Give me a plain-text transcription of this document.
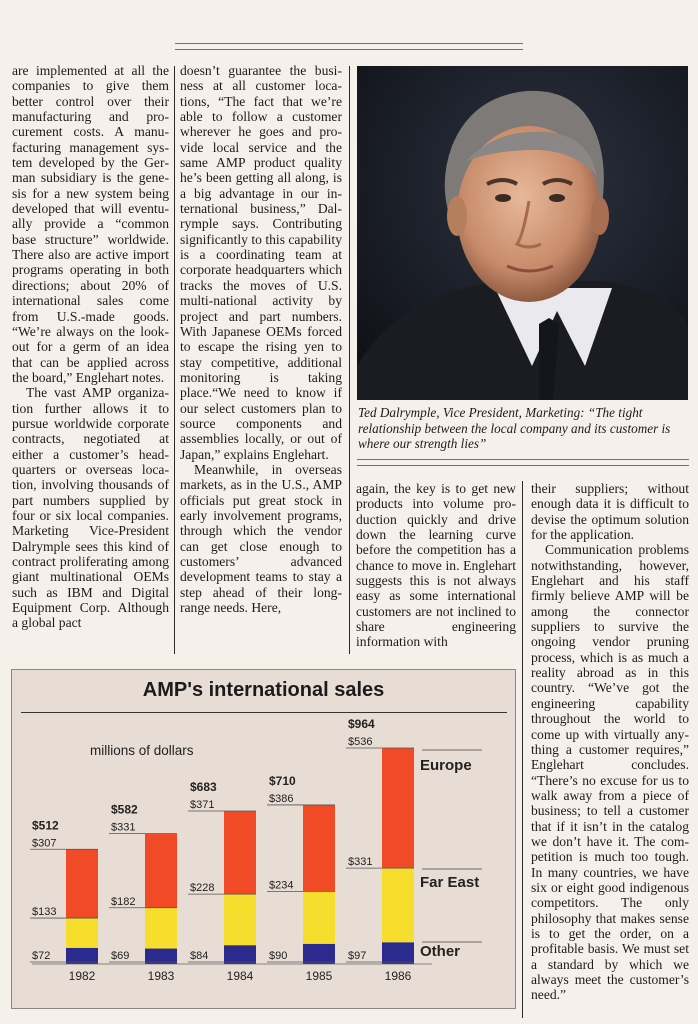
are implemented at all the companies to give them better control over their manufacturing and procurement costs. A manufacturing management system developed by the German subsidiary is the genesis for a new system being developed that will eventually provide a “common base structure” worldwide. There also are active import programs operating in both directions; about 20% of international sales come from U.S.-made goods. “We’re always on the lookout for a germ of an idea that can be applied across the board,” Englehart notes.

The vast AMP organization further allows it to pursue worldwide corporate contracts, negotiated at either a customer’s headquarters or overseas location, involving thousands of part numbers supplied by four or six local companies. Marketing Vice-President Dalrymple sees this kind of contract proliferating among giant multinational OEMs such as IBM and Digital Equipment Corp. Although a global pact

doesn’t guarantee the business at all customer locations, “The fact that we’re able to follow a customer wherever he goes and provide local service and the same AMP product quality he’s been getting all along, is a big advantage in our international business,” Dalrymple says. Contributing significantly to this capability is a coordinating team at corporate headquarters which tracks the moves of U.S. multi-national activity by project and part numbers. With Japanese OEMs forced to escape the rising yen to stay competitive, additional monitoring is taking place.“We need to know if our select customers plan to source components and assemblies locally, or out of Japan,” explains Englehart.

Meanwhile, in overseas markets, as in the U.S., AMP officials put great stock in early involvement programs, through which the vendor can get close enough to customers’ advanced development teams to stay a step ahead of their long-range needs. Here,

Ted Dalrymple, Vice President, Marketing: “The tight relationship between the local company and its customer is where our strength lies”

again, the key is to get new products into volume production quickly and drive down the learning curve before the competition has a chance to move in. Englehart suggests this is not always easy as some international customers are not inclined to share engineering information with

their suppliers; without enough data it is difficult to devise the optimum solution for the application.

Communication problems notwithstanding, however, Englehart and his staff firmly believe AMP will be among the connector suppliers to survive the ongoing vendor pruning process, which is as much a reality abroad as in this country. “We’ve got the engineering capability throughout the world to come up with virtually anything a customer requires,” Englehart concludes. “There’s no excuse for us to walk away from a piece of business; to tell a customer that if it isn’t in the catalog we don’t have it. The competition is much too tough. In many countries, we have six or eight good indigenous competitors. The only philosophy that makes sense is to get the order, on a profitable basis. We must set a standard by which we always meet the customer’s need.”

AMP's international sales
millions of dollars
$72
$133
$307
$512
1982
$69
$182
$331
$582
1983
$84
$228
$371
$683
1984
$90
$234
$386
$710
1985
$97
$331
$536
$964
1986
Other
Far East
Europe
